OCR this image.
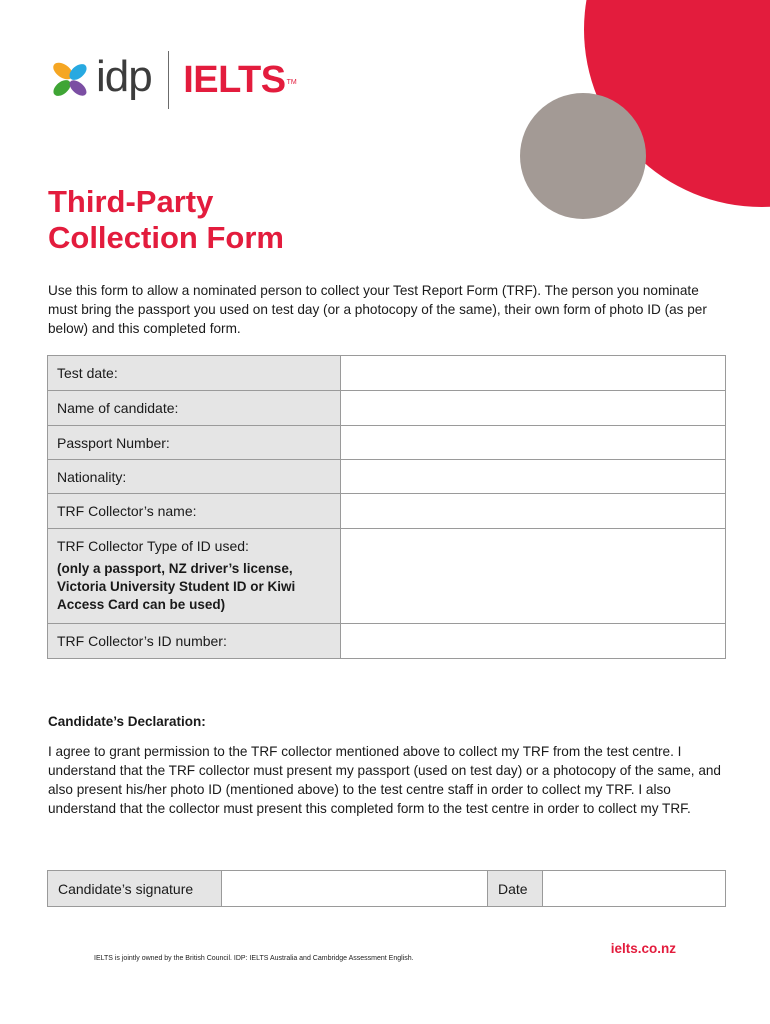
idp IELTS TM
Third-Party
Collection Form

Use this form to allow a nominated person to collect your Test Report Form (TRF). The person you nominate must bring the passport you used on test day (or a photocopy of the same), their own form of photo ID (as per below) and this completed form.

Test date:	
Name of candidate:	
Passport Number:	
Nationality:	
TRF Collector’s name:	

TRF Collector Type of ID used:
(only a passport, NZ driver’s license, Victoria University Student ID or Kiwi Access Card can be used)	

TRF Collector’s ID number:	
Candidate’s Declaration:

I agree to grant permission to the TRF collector mentioned above to collect my TRF from the test centre. I understand that the TRF collector must present my passport (used on test day) or a photocopy of the same, and also present his/her photo ID (mentioned above) to the test centre staff in order to collect my TRF. I also understand that the collector must present this completed form to the test centre in order to collect my TRF.

Candidate’s signature		Date	
ielts.co.nz
IELTS is jointly owned by the British Council. IDP: IELTS Australia and Cambridge Assessment English.
